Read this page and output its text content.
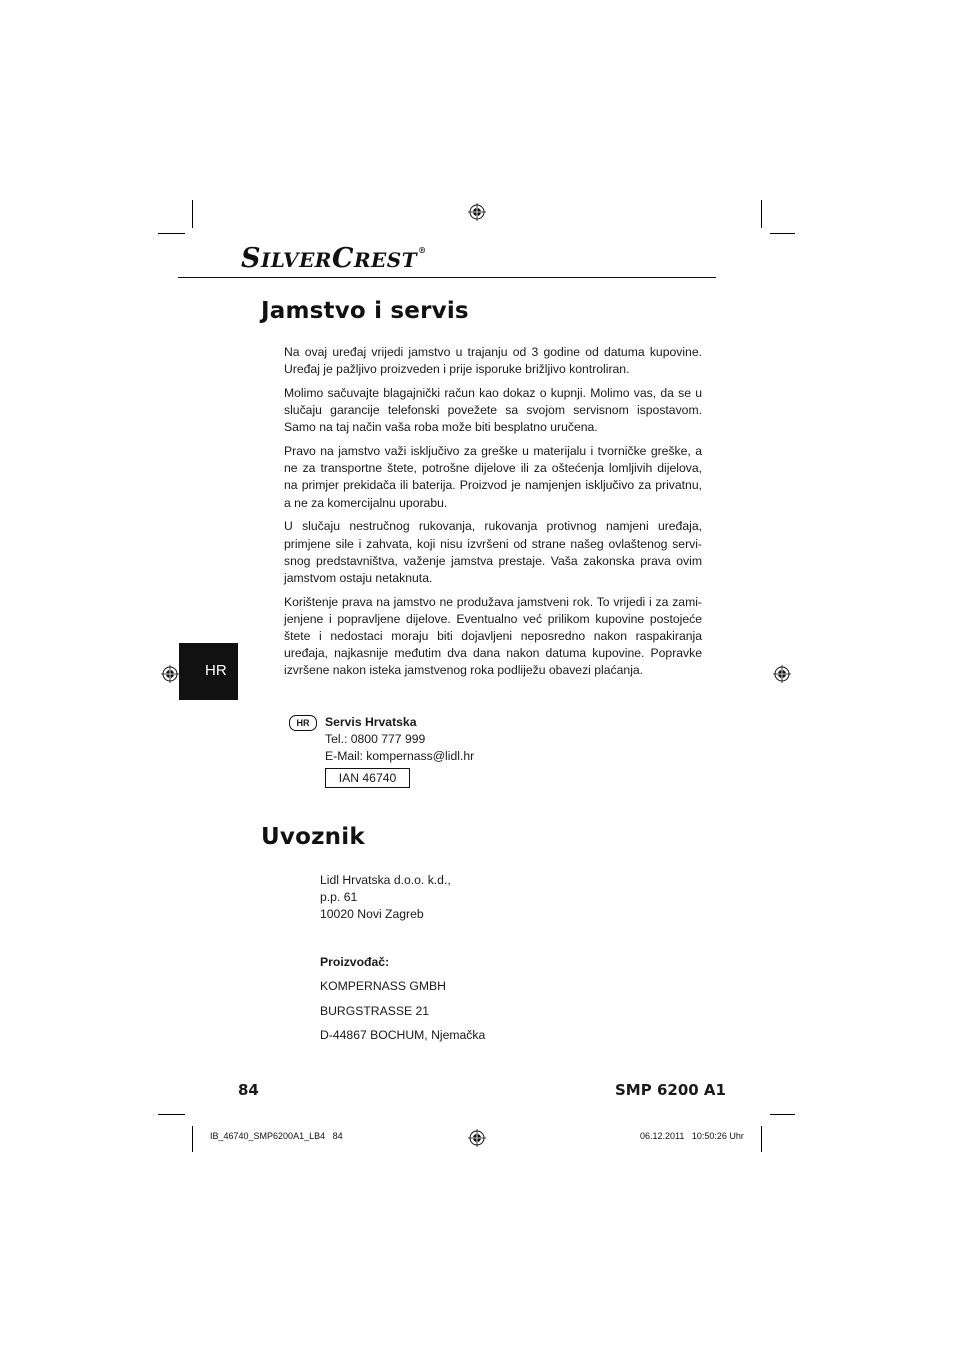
SILVERCREST®
Jamstvo i servis

Na ovaj uređaj vrijedi jamstvo u trajanju od 3 godine od datuma kupovine. Uređaj je pažljivo proizveden i prije isporuke brižljivo kontroliran.

Molimo sačuvajte blagajnički račun kao dokaz o kupnji. Molimo vas, da se u slučaju garancije telefonski povežete sa svojom servisnom ispostavom. Samo na taj način vaša roba može biti besplatno uručena.

Pravo na jamstvo važi isključivo za greške u materijalu i tvorničke greške, a ne za transportne štete, potrošne dijelove ili za oštećenja lomljivih dijelova, na primjer prekidača ili baterija. Proizvod je namjenjen isključivo za privatnu, a ne za komercijalnu uporabu.

U slučaju nestručnog rukovanja, rukovanja protivnog namjeni uređaja, primjene sile i zahvata, koji nisu izvršeni od strane našeg ovlaštenog servi-snog predstavništva, važenje jamstva prestaje. Vaša zakonska prava ovim jamstvom ostaju netaknuta.

Korištenje prava na jamstvo ne produžava jamstveni rok. To vrijedi i za zami-jenjene i popravljene dijelove. Eventualno već prilikom kupovine postojeće štete i nedostaci moraju biti dojavljeni neposredno nakon raspakiranja uređaja, najkasnije međutim dva dana nakon datuma kupovine. Popravke izvršene nakon isteka jamstvenog roka podliježu obavezi plaćanja.

HR
HR	Servis Hrvatska
Tel.: 0800 777 999
E-Mail: kompernass@lidl.hr
IAN 46740
Uvoznik
Lidl Hrvatska d.o.o. k.d.,
p.p. 61
10020 Novi Zagreb
Proizvođač:
KOMPERNASS GMBH
BURGSTRASSE 21
D-44867 BOCHUM, Njemačka
84	SMP 6200 A1
IB_46740_SMP6200A1_LB4   84	06.12.2011   10:50:26 Uhr
